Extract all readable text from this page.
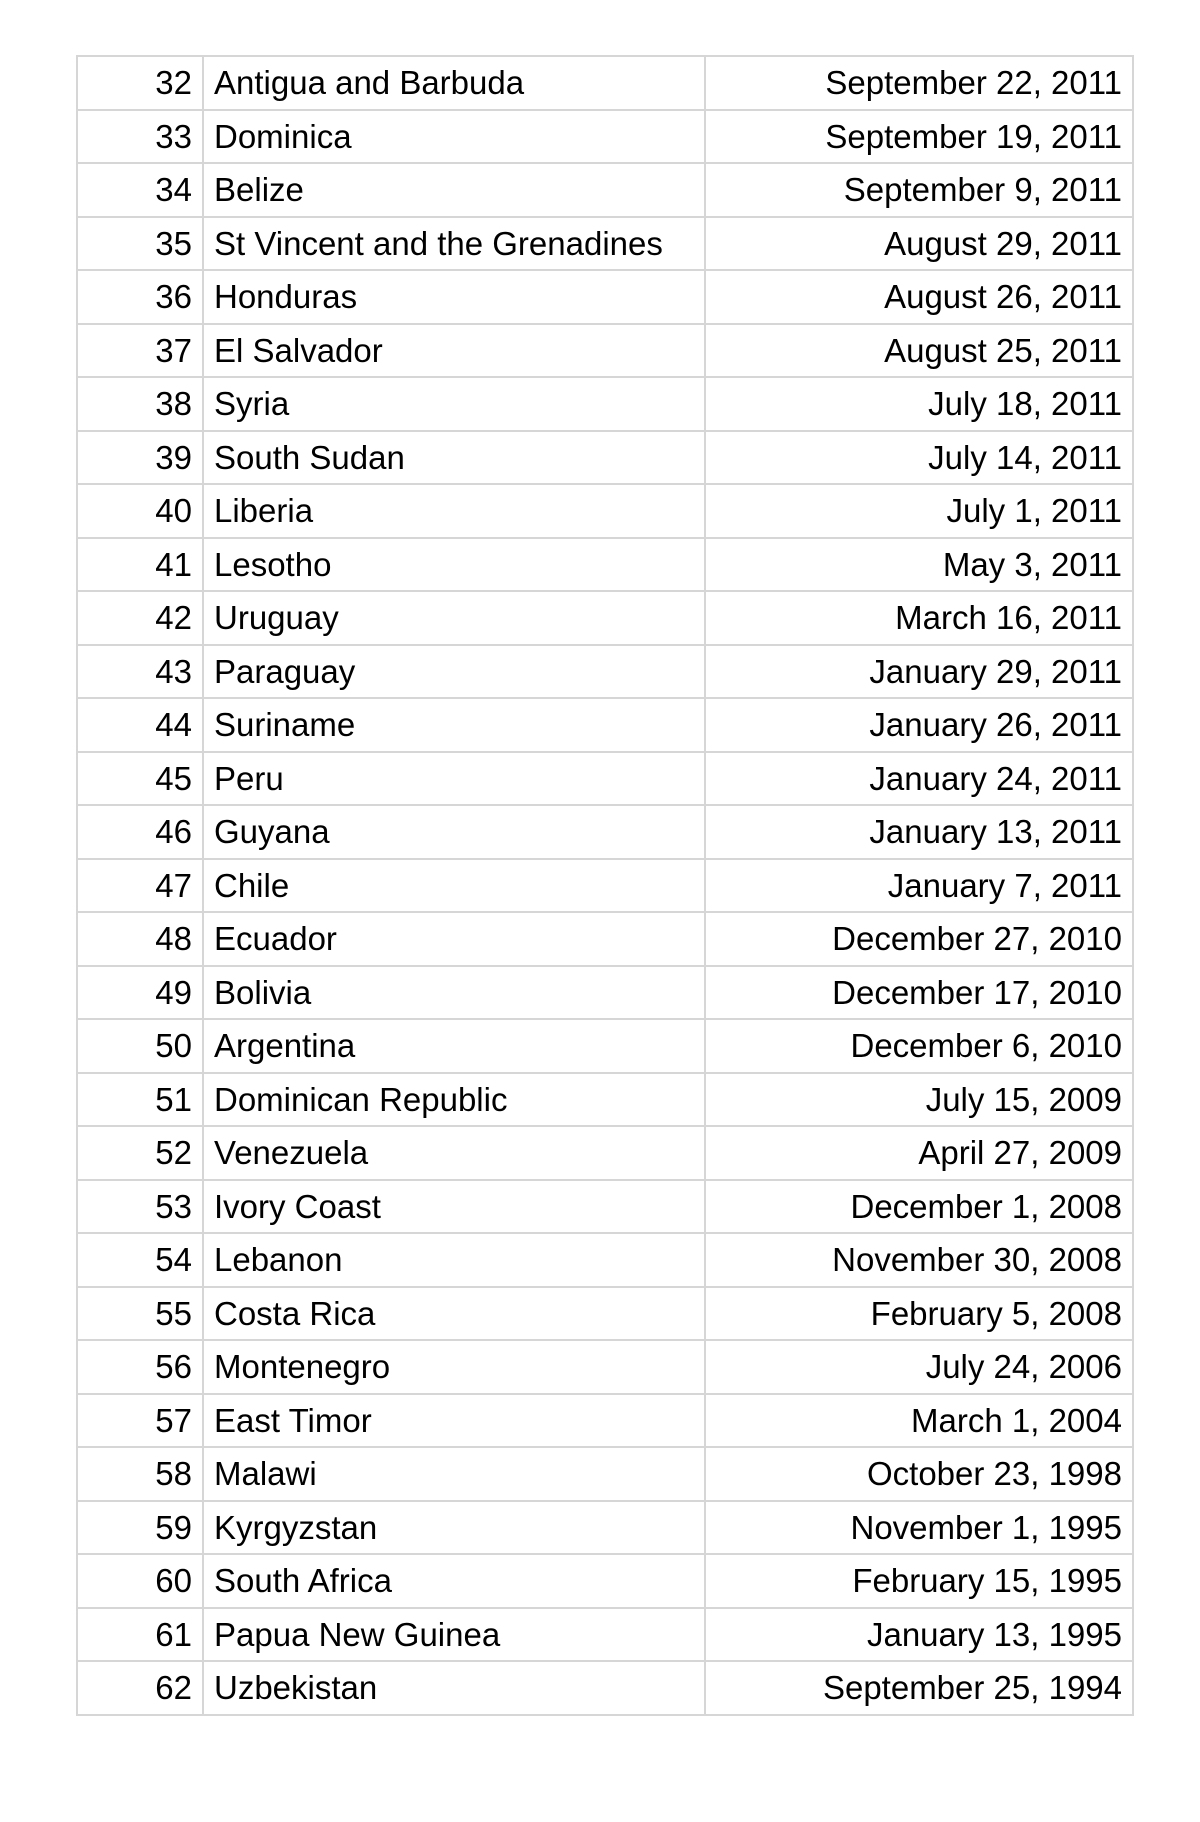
32	Antigua and Barbuda	September 22, 2011
33	Dominica	September 19, 2011
34	Belize	September 9, 2011
35	St Vincent and the Grenadines	August 29, 2011
36	Honduras	August 26, 2011
37	El Salvador	August 25, 2011
38	Syria	July 18, 2011
39	South Sudan	July 14, 2011
40	Liberia	July 1, 2011
41	Lesotho	May 3, 2011
42	Uruguay	March 16, 2011
43	Paraguay	January 29, 2011
44	Suriname	January 26, 2011
45	Peru	January 24, 2011
46	Guyana	January 13, 2011
47	Chile	January 7, 2011
48	Ecuador	December 27, 2010
49	Bolivia	December 17, 2010
50	Argentina	December 6, 2010
51	Dominican Republic	July 15, 2009
52	Venezuela	April 27, 2009
53	Ivory Coast	December 1, 2008
54	Lebanon	November 30, 2008
55	Costa Rica	February 5, 2008
56	Montenegro	July 24, 2006
57	East Timor	March 1, 2004
58	Malawi	October 23, 1998
59	Kyrgyzstan	November 1, 1995
60	South Africa	February 15, 1995
61	Papua New Guinea	January 13, 1995
62	Uzbekistan	September 25, 1994
